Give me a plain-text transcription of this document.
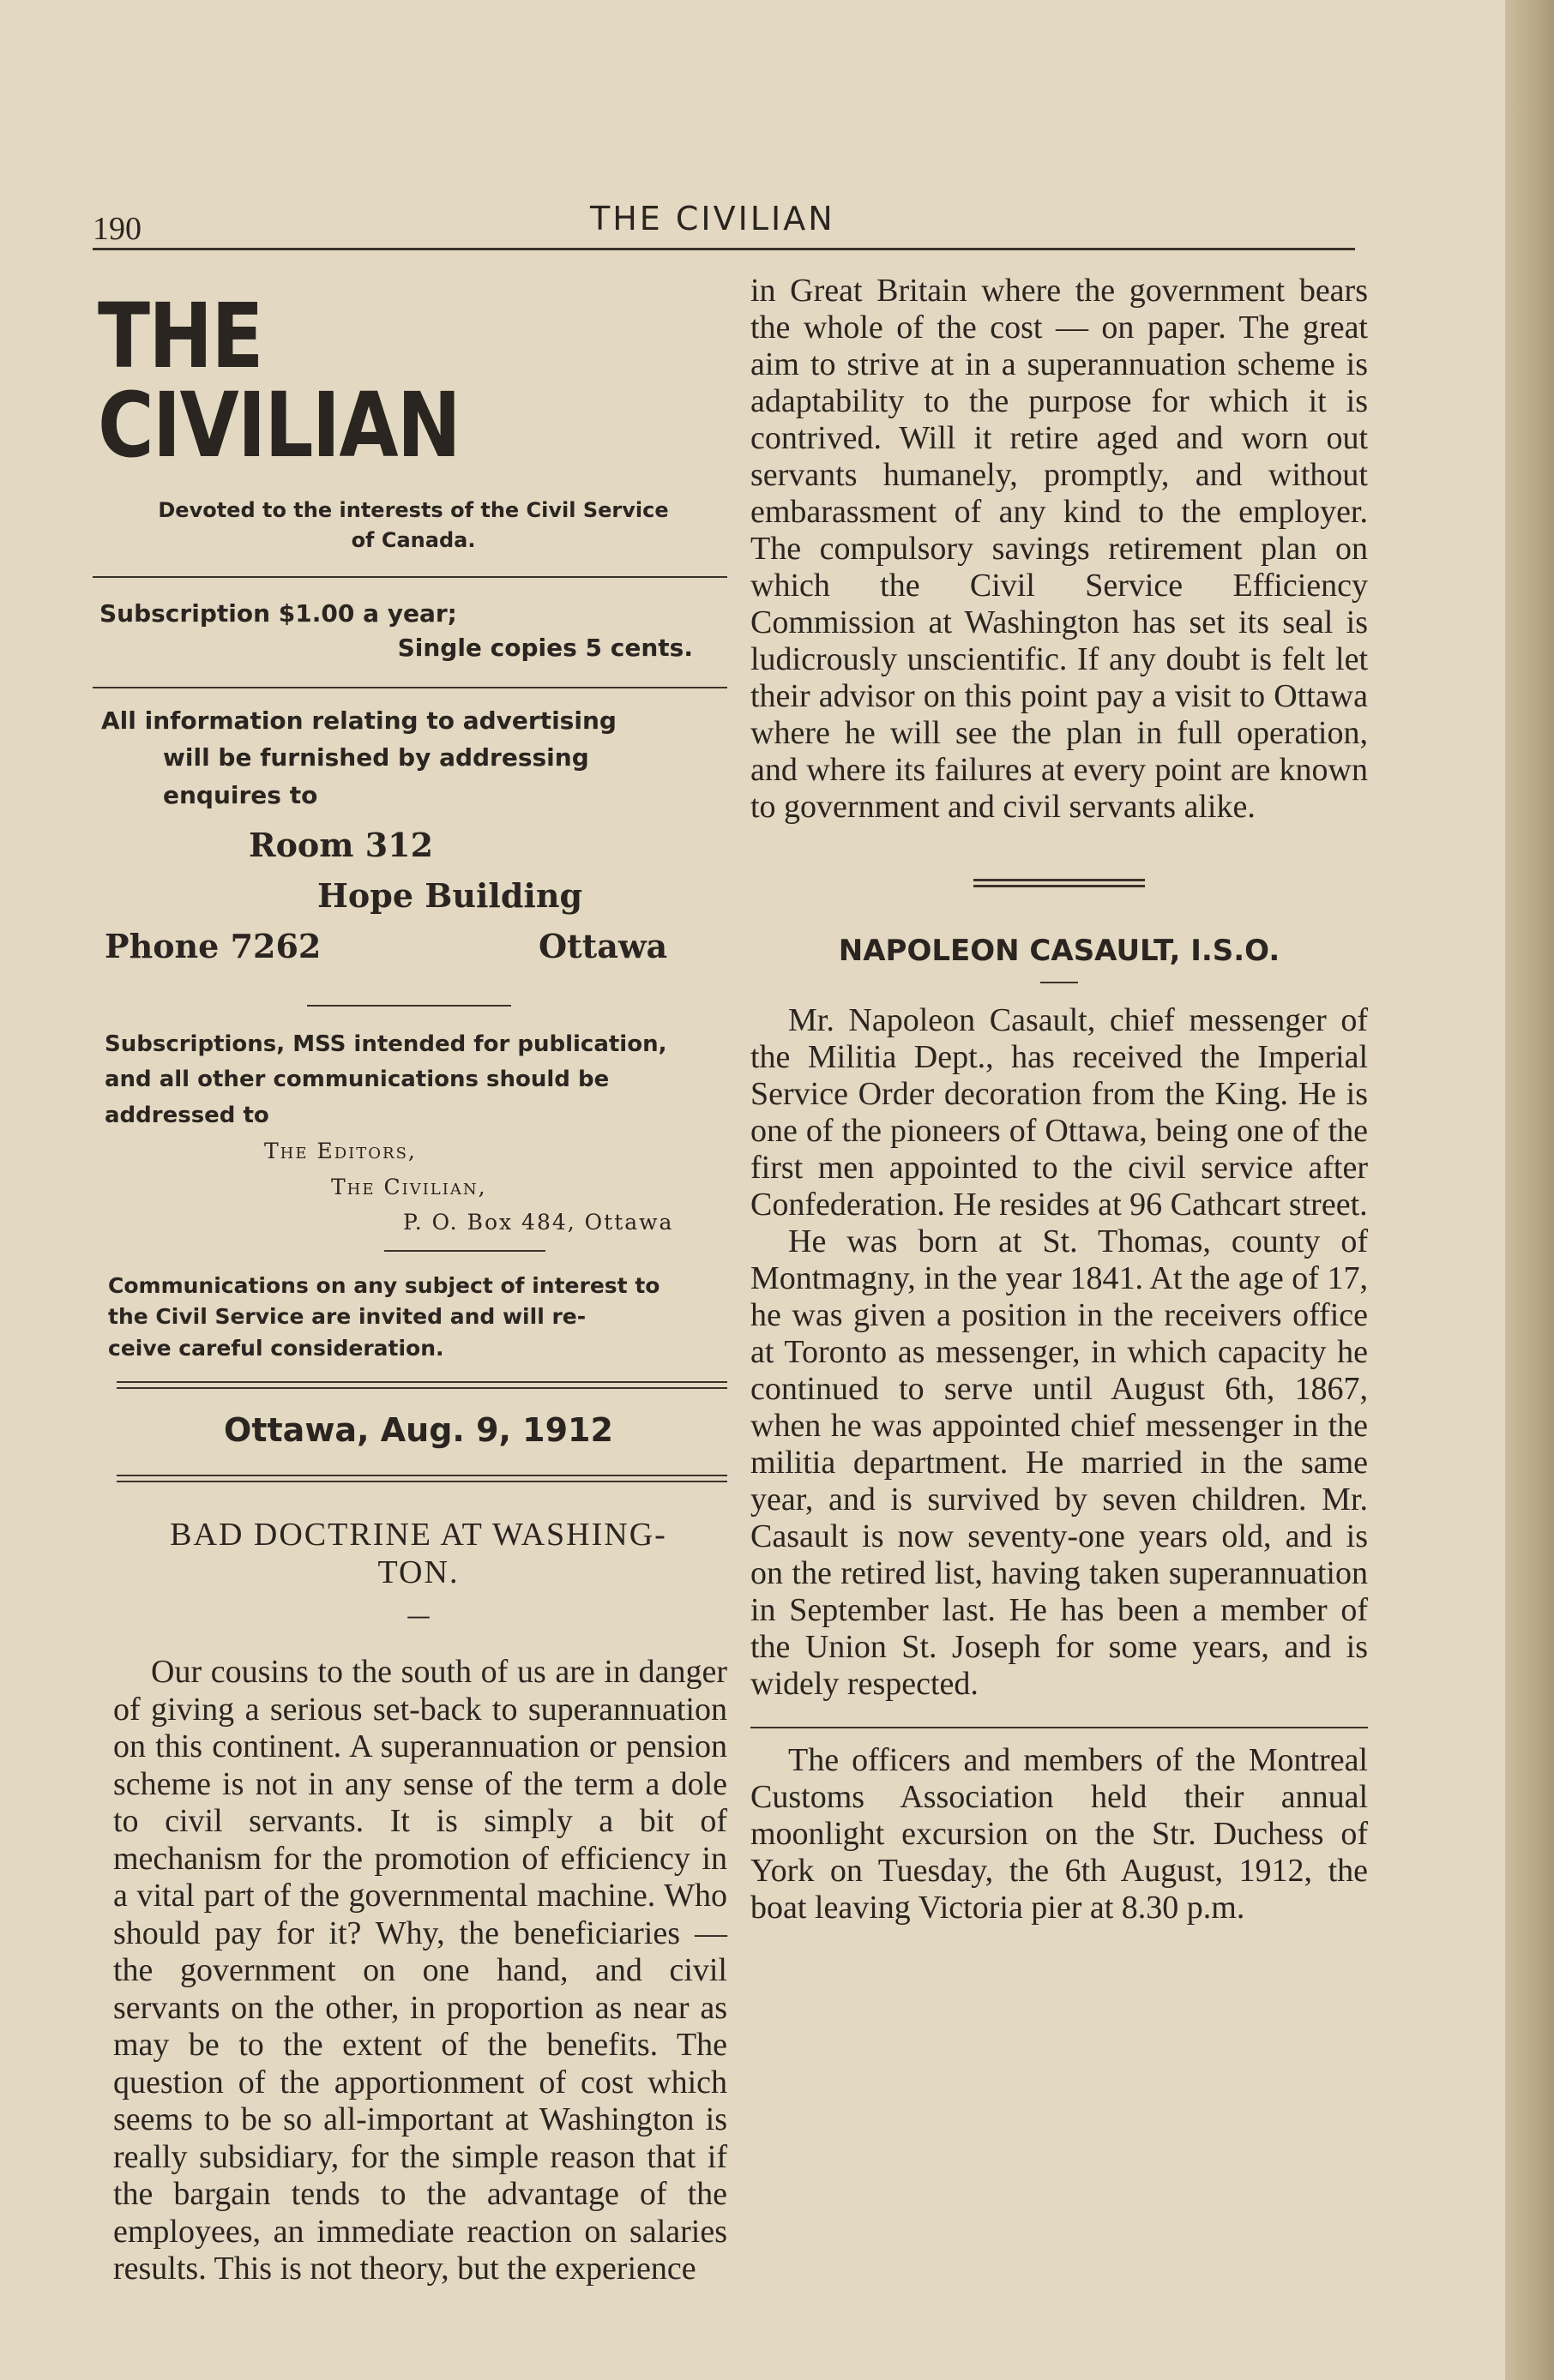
190	THE CIVILIAN
THE CIVILIAN
Devoted to the interests of the Civil Service
of Canada.
Subscription $1.00 a year;
Single copies 5 cents.
All information relating to advertising
will be furnished by addressing
enquires to
Room 312
Hope Building
Phone 7262	Ottawa
Subscriptions, MSS intended for publication,
and all other communications should be
addressed to
The Editors,
The Civilian,
P. O. Box 484, Ottawa
Communications on any subject of interest to
the Civil Service are invited and will re-
ceive careful consideration.
Ottawa, Aug. 9, 1912
BAD DOCTRINE AT WASHING-
TON.
—

Our cousins to the south of us are in danger of giving a serious set-back to superannuation on this continent. A superannuation or pension scheme is not in any sense of the term a dole to civil servants. It is simply a bit of mechanism for the promotion of efficiency in a vital part of the governmental machine. Who should pay for it? Why, the beneficiaries — the government on one hand, and civil servants on the other, in proportion as near as may be to the extent of the benefits. The question of the apportionment of cost which seems to be so all-important at Washington is really subsidiary, for the simple reason that if the bargain tends to the advantage of the employees, an immediate reaction on salaries results. This is not theory, but the experience

in Great Britain where the government bears the whole of the cost — on paper. The great aim to strive at in a superannuation scheme is adaptability to the purpose for which it is contrived. Will it retire aged and worn out servants humanely, promptly, and without embarassment of any kind to the employer. The compulsory savings retirement plan on which the Civil Service Efficiency Commission at Washington has set its seal is ludicrously unscientific. If any doubt is felt let their advisor on this point pay a visit to Ottawa where he will see the plan in full operation, and where its failures at every point are known to government and civil servants alike.

NAPOLEON CASAULT, I.S.O.

Mr. Napoleon Casault, chief messenger of the Militia Dept., has received the Imperial Service Order decoration from the King. He is one of the pioneers of Ottawa, being one of the first men appointed to the civil service after Confederation. He resides at 96 Cathcart street.

He was born at St. Thomas, county of Montmagny, in the year 1841. At the age of 17, he was given a position in the receivers office at Toronto as messenger, in which capacity he continued to serve until August 6th, 1867, when he was appointed chief messenger in the militia department. He married in the same year, and is survived by seven children. Mr. Casault is now seventy-one years old, and is on the retired list, having taken superannuation in September last. He has been a member of the Union St. Joseph for some years, and is widely respected.

The officers and members of the Montreal Customs Association held their annual moonlight excursion on the Str. Duchess of York on Tuesday, the 6th August, 1912, the boat leaving Victoria pier at 8.30 p.m.
